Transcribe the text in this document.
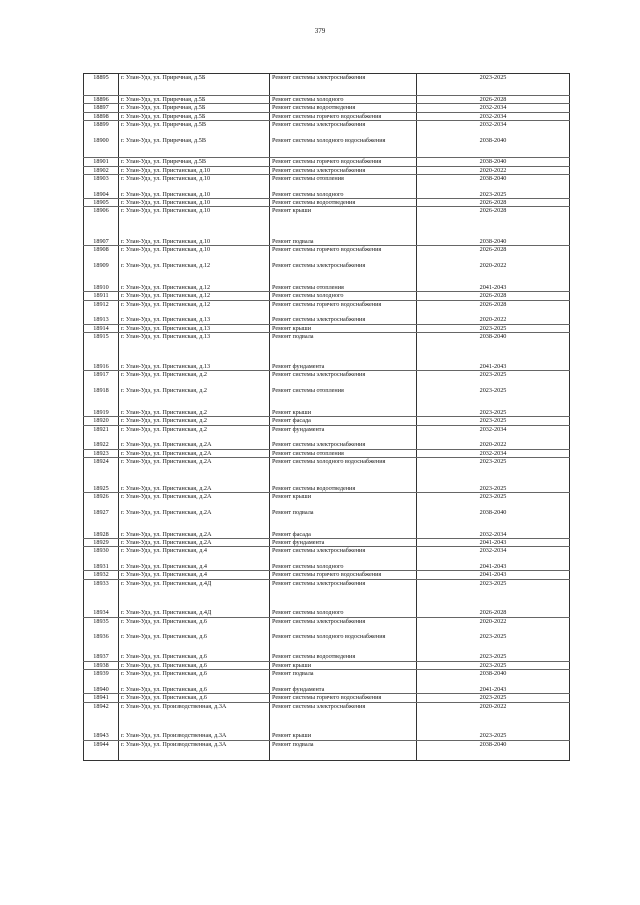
379
18895	г. Улан-Удэ, ул. Приречная, д.5Б	Ремонт системы электроснабжения	2023-2025
18896	г. Улан-Удэ, ул. Приречная, д.5Б	Ремонт системы холодного	2026-2028
18897	г. Улан-Удэ, ул. Приречная, д.5Б	Ремонт системы водоотведения	2032-2034
18898	г. Улан-Удэ, ул. Приречная, д.5Б	Ремонт системы горячего водоснабжения	2032-2034
18899	г. Улан-Удэ, ул. Приречная, д.5В	Ремонт системы электроснабжения	2032-2034
18900	г. Улан-Удэ, ул. Приречная, д.5В	Ремонт системы холодного водоснабжения	2038-2040
18901	г. Улан-Удэ, ул. Приречная, д.5В	Ремонт системы горячего водоснабжения	2038-2040
18902	г. Улан-Удэ, ул. Пристанская, д.10	Ремонт системы электроснабжения	2020-2022
18903	г. Улан-Удэ, ул. Пристанская, д.10	Ремонт системы отопления	2038-2040
18904	г. Улан-Удэ, ул. Пристанская, д.10	Ремонт системы холодного	2023-2025
18905	г. Улан-Удэ, ул. Пристанская, д.10	Ремонт системы водоотведения	2026-2028
18906	г. Улан-Удэ, ул. Пристанская, д.10	Ремонт крыши	2026-2028
18907	г. Улан-Удэ, ул. Пристанская, д.10	Ремонт подвала	2038-2040
18908	г. Улан-Удэ, ул. Пристанская, д.10	Ремонт системы горячего водоснабжения	2026-2028
18909	г. Улан-Удэ, ул. Пристанская, д.12	Ремонт системы электроснабжения	2020-2022
18910	г. Улан-Удэ, ул. Пристанская, д.12	Ремонт системы отопления	2041-2043
18911	г. Улан-Удэ, ул. Пристанская, д.12	Ремонт системы холодного	2026-2028
18912	г. Улан-Удэ, ул. Пристанская, д.12	Ремонт системы горячего водоснабжения	2026-2028
18913	г. Улан-Удэ, ул. Пристанская, д.13	Ремонт системы электроснабжения	2020-2022
18914	г. Улан-Удэ, ул. Пристанская, д.13	Ремонт крыши	2023-2025
18915	г. Улан-Удэ, ул. Пристанская, д.13	Ремонт подвала	2038-2040
18916	г. Улан-Удэ, ул. Пристанская, д.13	Ремонт фундамента	2041-2043
18917	г. Улан-Удэ, ул. Пристанская, д.2	Ремонт системы электроснабжения	2023-2025
18918	г. Улан-Удэ, ул. Пристанская, д.2	Ремонт системы отопления	2023-2025
18919	г. Улан-Удэ, ул. Пристанская, д.2	Ремонт крыши	2023-2025
18920	г. Улан-Удэ, ул. Пристанская, д.2	Ремонт фасада	2023-2025
18921	г. Улан-Удэ, ул. Пристанская, д.2	Ремонт фундамента	2032-2034
18922	г. Улан-Удэ, ул. Пристанская, д.2А	Ремонт системы электроснабжения	2020-2022
18923	г. Улан-Удэ, ул. Пристанская, д.2А	Ремонт системы отопления	2032-2034
18924	г. Улан-Удэ, ул. Пристанская, д.2А	Ремонт системы холодного водоснабжения	2023-2025
18925	г. Улан-Удэ, ул. Пристанская, д.2А	Ремонт системы водоотведения	2023-2025
18926	г. Улан-Удэ, ул. Пристанская, д.2А	Ремонт крыши	2023-2025
18927	г. Улан-Удэ, ул. Пристанская, д.2А	Ремонт подвала	2038-2040
18928	г. Улан-Удэ, ул. Пристанская, д.2А	Ремонт фасада	2032-2034
18929	г. Улан-Удэ, ул. Пристанская, д.2А	Ремонт фундамента	2041-2043
18930	г. Улан-Удэ, ул. Пристанская, д.4	Ремонт системы электроснабжения	2032-2034
18931	г. Улан-Удэ, ул. Пристанская, д.4	Ремонт системы холодного	2041-2043
18932	г. Улан-Удэ, ул. Пристанская, д.4	Ремонт системы горячего водоснабжения	2041-2043
18933	г. Улан-Удэ, ул. Пристанская, д.4Д	Ремонт системы электроснабжения	2023-2025
18934	г. Улан-Удэ, ул. Пристанская, д.4Д	Ремонт системы холодного	2026-2028
18935	г. Улан-Удэ, ул. Пристанская, д.6	Ремонт системы электроснабжения	2020-2022
18936	г. Улан-Удэ, ул. Пристанская, д.6	Ремонт системы холодного водоснабжения	2023-2025
18937	г. Улан-Удэ, ул. Пристанская, д.6	Ремонт системы водоотведения	2023-2025
18938	г. Улан-Удэ, ул. Пристанская, д.6	Ремонт крыши	2023-2025
18939	г. Улан-Удэ, ул. Пристанская, д.6	Ремонт подвала	2038-2040
18940	г. Улан-Удэ, ул. Пристанская, д.6	Ремонт фундамента	2041-2043
18941	г. Улан-Удэ, ул. Пристанская, д.6	Ремонт системы горячего водоснабжения	2023-2025
18942	г. Улан-Удэ, ул. Производственная, д.3А	Ремонт системы электроснабжения	2020-2022
18943	г. Улан-Удэ, ул. Производственная, д.3А	Ремонт крыши	2023-2025
18944	г. Улан-Удэ, ул. Производственная, д.3А	Ремонт подвала	2038-2040
